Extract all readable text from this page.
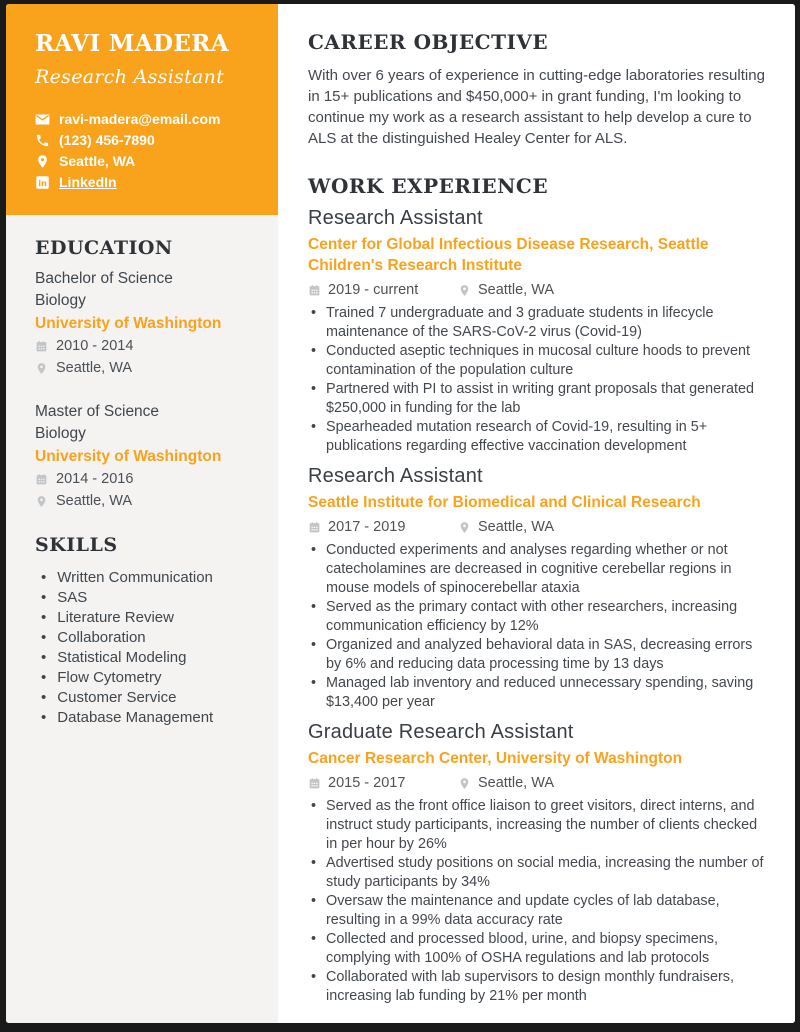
RAVI MADERA
Research Assistant
ravi-madera@email.com
(123) 456-7890
Seattle, WA
in LinkedIn
EDUCATION
Bachelor of Science
Biology
University of Washington
2010 - 2014
Seattle, WA
Master of Science
Biology
University of Washington
2014 - 2016
Seattle, WA
SKILLS
• Written Communication
• SAS
• Literature Review
• Collaboration
• Statistical Modeling
• Flow Cytometry
• Customer Service
• Database Management
CAREER OBJECTIVE

With over 6 years of experience in cutting-edge laboratories resulting in 15+ publications and $450,000+ in grant funding, I'm looking to continue my work as a research assistant to help develop a cure to ALS at the distinguished Healey Center for ALS.

WORK EXPERIENCE
Research Assistant
Center for Global Infectious Disease Research, Seattle Children's Research Institute
2019 - current	Seattle, WA
• Trained 7 undergraduate and 3 graduate students in lifecycle maintenance of the SARS-CoV-2 virus (Covid-19)
• Conducted aseptic techniques in mucosal culture hoods to prevent contamination of the population culture
• Partnered with PI to assist in writing grant proposals that generated $250,000 in funding for the lab
• Spearheaded mutation research of Covid-19, resulting in 5+ publications regarding effective vaccination development
Research Assistant
Seattle Institute for Biomedical and Clinical Research
2017 - 2019	Seattle, WA
• Conducted experiments and analyses regarding whether or not catecholamines are decreased in cognitive cerebellar regions in mouse models of spinocerebellar ataxia
• Served as the primary contact with other researchers, increasing communication efficiency by 12%
• Organized and analyzed behavioral data in SAS, decreasing errors by 6% and reducing data processing time by 13 days
• Managed lab inventory and reduced unnecessary spending, saving $13,400 per year
Graduate Research Assistant
Cancer Research Center, University of Washington
2015 - 2017	Seattle, WA
• Served as the front office liaison to greet visitors, direct interns, and instruct study participants, increasing the number of clients checked in per hour by 26%
• Advertised study positions on social media, increasing the number of study participants by 34%
• Oversaw the maintenance and update cycles of lab database, resulting in a 99% data accuracy rate
• Collected and processed blood, urine, and biopsy specimens, complying with 100% of OSHA regulations and lab protocols
• Collaborated with lab supervisors to design monthly fundraisers, increasing lab funding by 21% per month
